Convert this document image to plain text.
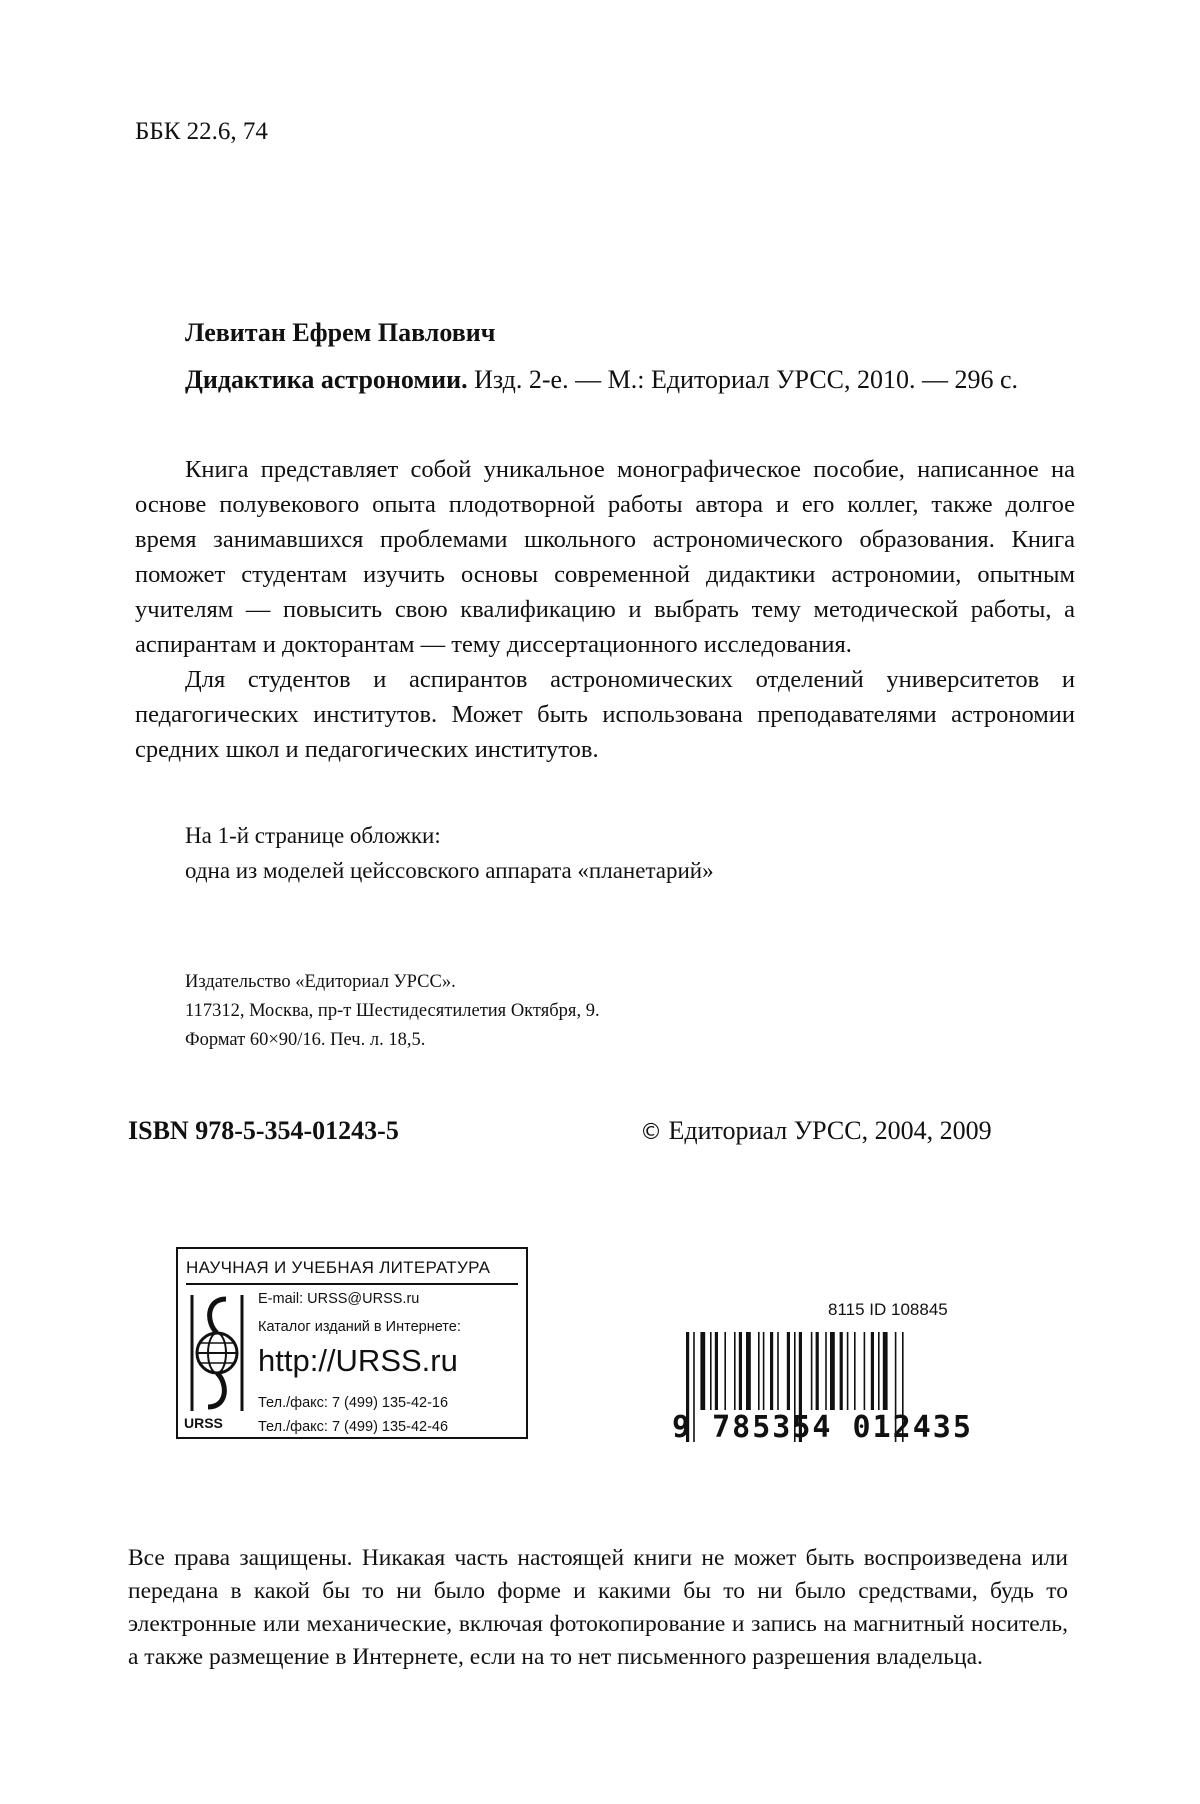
ББК 22.6, 74
Левитан Ефрем Павлович
Дидактика астрономии. Изд. 2-е. — М.: Едиториал УРСС, 2010. — 296 с.

Книга представляет собой уникальное монографическое пособие, написанное на основе полувекового опыта плодотворной работы автора и его коллег, также долгое время занимавшихся проблемами школьного астрономического образования. Книга поможет студентам изучить основы современной дидактики астрономии, опытным учителям — повысить свою квалификацию и выбрать тему методической работы, а аспирантам и докторантам — тему диссертационного исследования.

Для студентов и аспирантов астрономических отделений университетов и педагогических институтов. Может быть использована преподавателями астрономии средних школ и педагогических институтов.

На 1-й странице обложки:
одна из моделей цейссовского аппарата «планетарий»
Издательство «Едиториал УРСС».
117312, Москва, пр-т Шестидесятилетия Октября, 9.
Формат 60×90/16. Печ. л. 18,5.
ISBN 978-5-354-01243-5	© Едиториал УРСС, 2004, 2009
НАУЧНАЯ И УЧЕБНАЯ ЛИТЕРАТУРА
E-mail: URSS@URSS.ru
Каталог изданий в Интернете:
http://URSS.ru
Тел./факс: 7 (499) 135-42-16
Тел./факс: 7 (499) 135-42-46
URSS
8115 ID 108845
9 785354 012435

Все права защищены. Никакая часть настоящей книги не может быть воспроизведена или передана в какой бы то ни было форме и какими бы то ни было средствами, будь то электронные или механические, включая фотокопирование и запись на магнитный носитель, а также размещение в Интернете, если на то нет письменного разрешения владельца.
